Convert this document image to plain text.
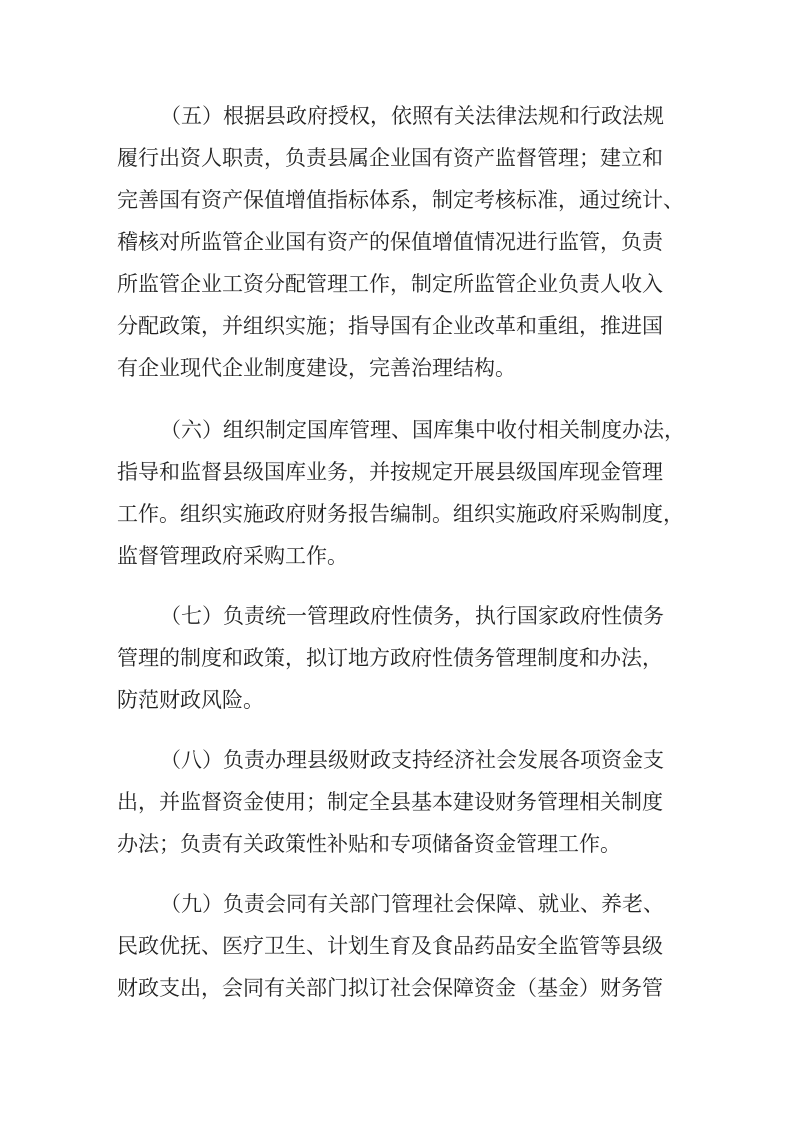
（五）根据县政府授权，依照有关法律法规和行政法规
履行出资人职责，负责县属企业国有资产监督管理；建立和
完善国有资产保值增值指标体系，制定考核标准，通过统计、
稽核对所监管企业国有资产的保值增值情况进行监管，负责
所监管企业工资分配管理工作，制定所监管企业负责人收入
分配政策，并组织实施；指导国有企业改革和重组，推进国
有企业现代企业制度建设，完善治理结构。
（六）组织制定国库管理、国库集中收付相关制度办法，
指导和监督县级国库业务，并按规定开展县级国库现金管理
工作。组织实施政府财务报告编制。组织实施政府采购制度，
监督管理政府采购工作。
（七）负责统一管理政府性债务，执行国家政府性债务
管理的制度和政策，拟订地方政府性债务管理制度和办法，
防范财政风险。
（八）负责办理县级财政支持经济社会发展各项资金支
出，并监督资金使用；制定全县基本建设财务管理相关制度
办法；负责有关政策性补贴和专项储备资金管理工作。
（九）负责会同有关部门管理社会保障、就业、养老、
民政优抚、医疗卫生、计划生育及食品药品安全监管等县级
财政支出，会同有关部门拟订社会保障资金（基金）财务管
